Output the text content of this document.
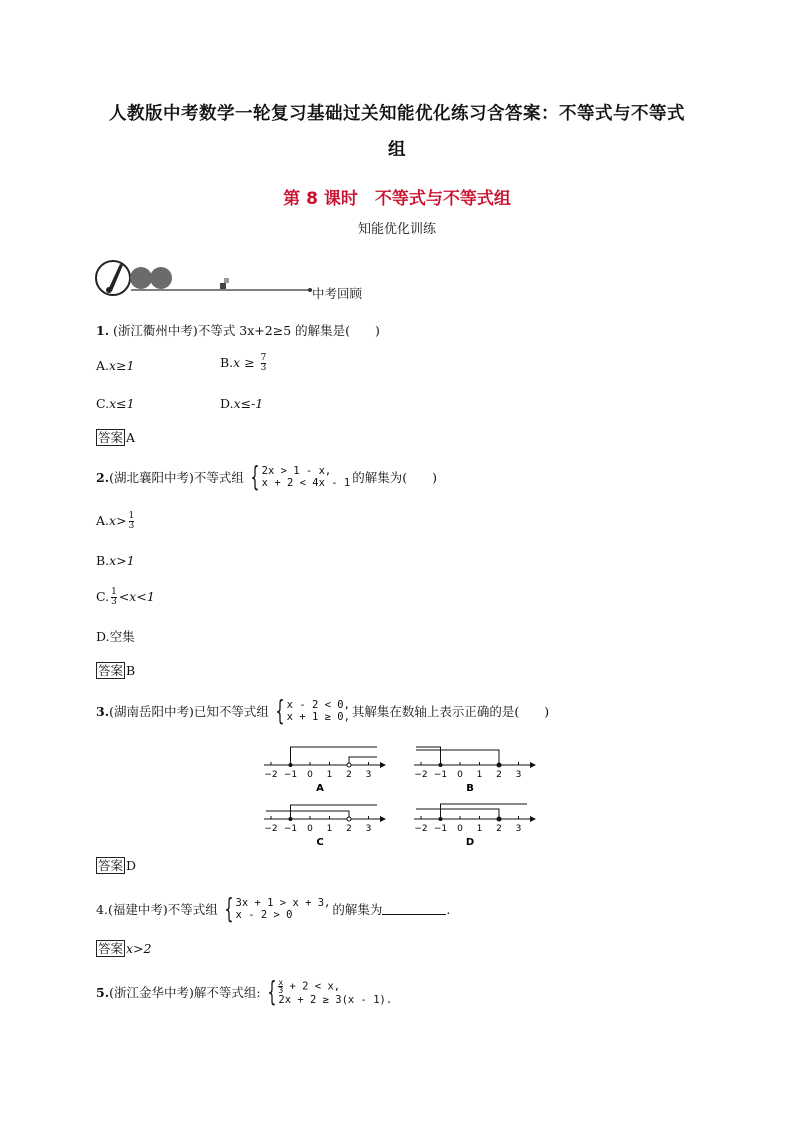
人教版中考数学一轮复习基础过关知能优化练习含答案：不等式与不等式
组
第 8 课时　不等式与不等式组
知能优化训练
中考回顾
1. (浙江衢州中考)不等式 3x+2≥5 的解集是(　　)
A.x≥1	$B.x \ge \frac{7}{3}$
C.x≤1	D.x≤-1
答案 A
2. (湖北襄阳中考) 不等式组 { 2x > 1 - x,
x + 2 < 4x - 1 的解集为(　　)
$A.x> \frac{1}{3}$
B.x>1
C. $\frac{1}{3} <x<1$
D.空集
答案 B
3. (湖南岳阳中考) 已知不等式组 { x - 2 < 0,
x + 1 ≥ 0, 其解集在数轴上表示正确的是(　　)
−2 −1 0 1 2 3
A
−2 −1 0 1 2 3
B
−2 −1 0 1 2 3
C
−2 −1 0 1 2 3
D
答案 D
4. (福建中考) 不等式组 { 3x + 1 > x + 3,
x - 2 > 0	的解集为	.
答案 x>2
5. (浙江金华中考) 解不等式组: { $\frac{x}{3} + 2 < x$,
2x + 2 ≥ 3(x - 1).
